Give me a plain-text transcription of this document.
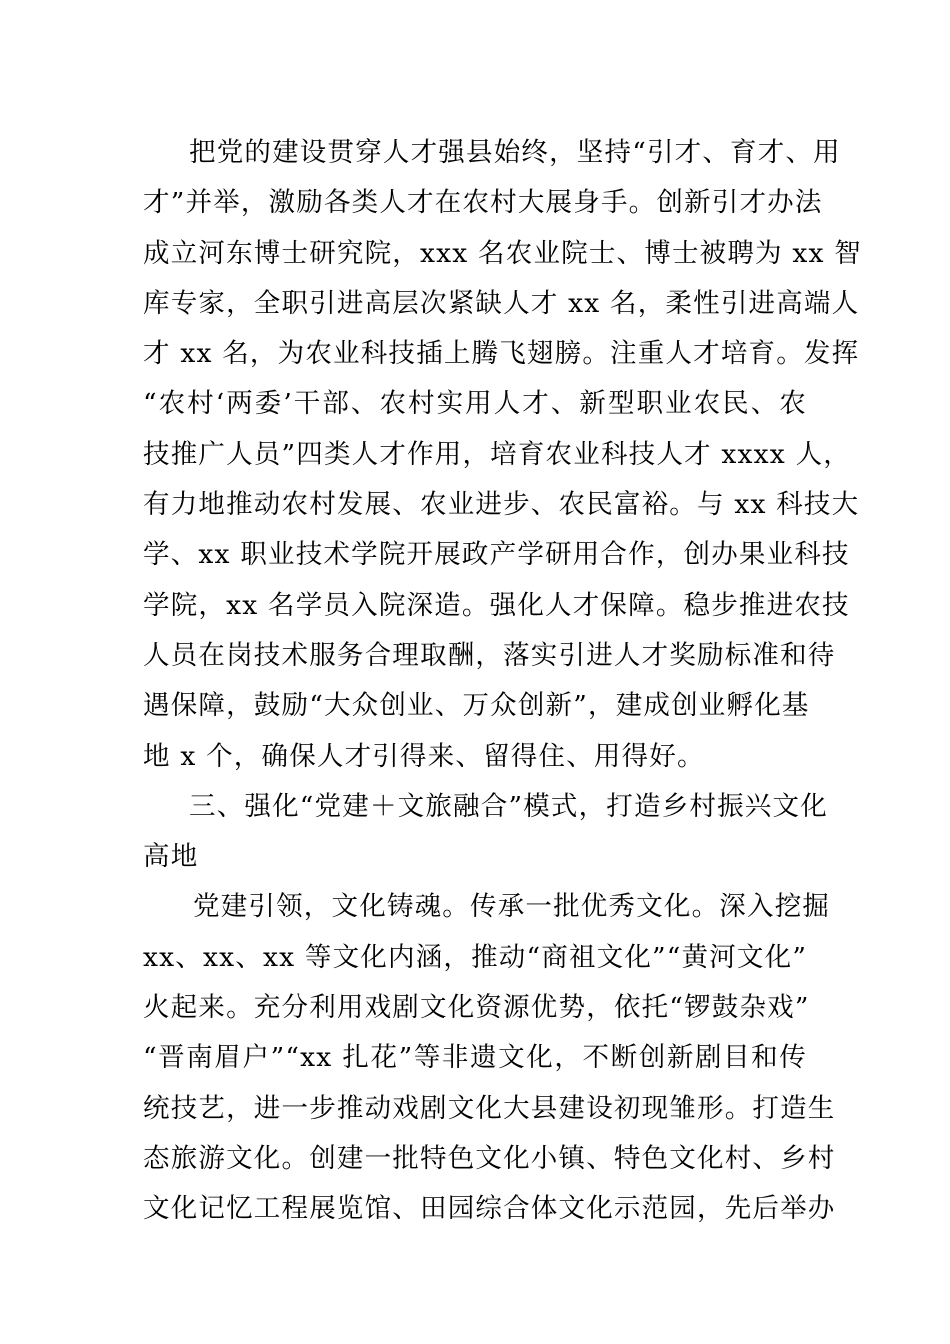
把党的建设贯穿人才强县始终，坚持“引才、育才、用
才”并举，激励各类人才在农村大展身手。创新引才办法
成立河东博士研究院，xxx 名农业院士、博士被聘为 xx 智
库专家，全职引进高层次紧缺人才 xx 名，柔性引进高端人
才 xx 名，为农业科技插上腾飞翅膀。注重人才培育。发挥
“农村‘两委’干部、农村实用人才、新型职业农民、农
技推广人员”四类人才作用，培育农业科技人才 xxxx 人，
有力地推动农村发展、农业进步、农民富裕。与 xx 科技大
学、xx 职业技术学院开展政产学研用合作，创办果业科技
学院，xx 名学员入院深造。强化人才保障。稳步推进农技
人员在岗技术服务合理取酬，落实引进人才奖励标准和待
遇保障，鼓励“大众创业、万众创新”，建成创业孵化基
地 x 个，确保人才引得来、留得住、用得好。
三、强化“党建＋文旅融合”模式，打造乡村振兴文化
高地
党建引领，文化铸魂。传承一批优秀文化。深入挖掘
xx、xx、xx 等文化内涵，推动“商祖文化”“黄河文化”
火起来。充分利用戏剧文化资源优势，依托“锣鼓杂戏”
“晋南眉户”“xx 扎花”等非遗文化，不断创新剧目和传
统技艺，进一步推动戏剧文化大县建设初现雏形。打造生
态旅游文化。创建一批特色文化小镇、特色文化村、乡村
文化记忆工程展览馆、田园综合体文化示范园，先后举办
